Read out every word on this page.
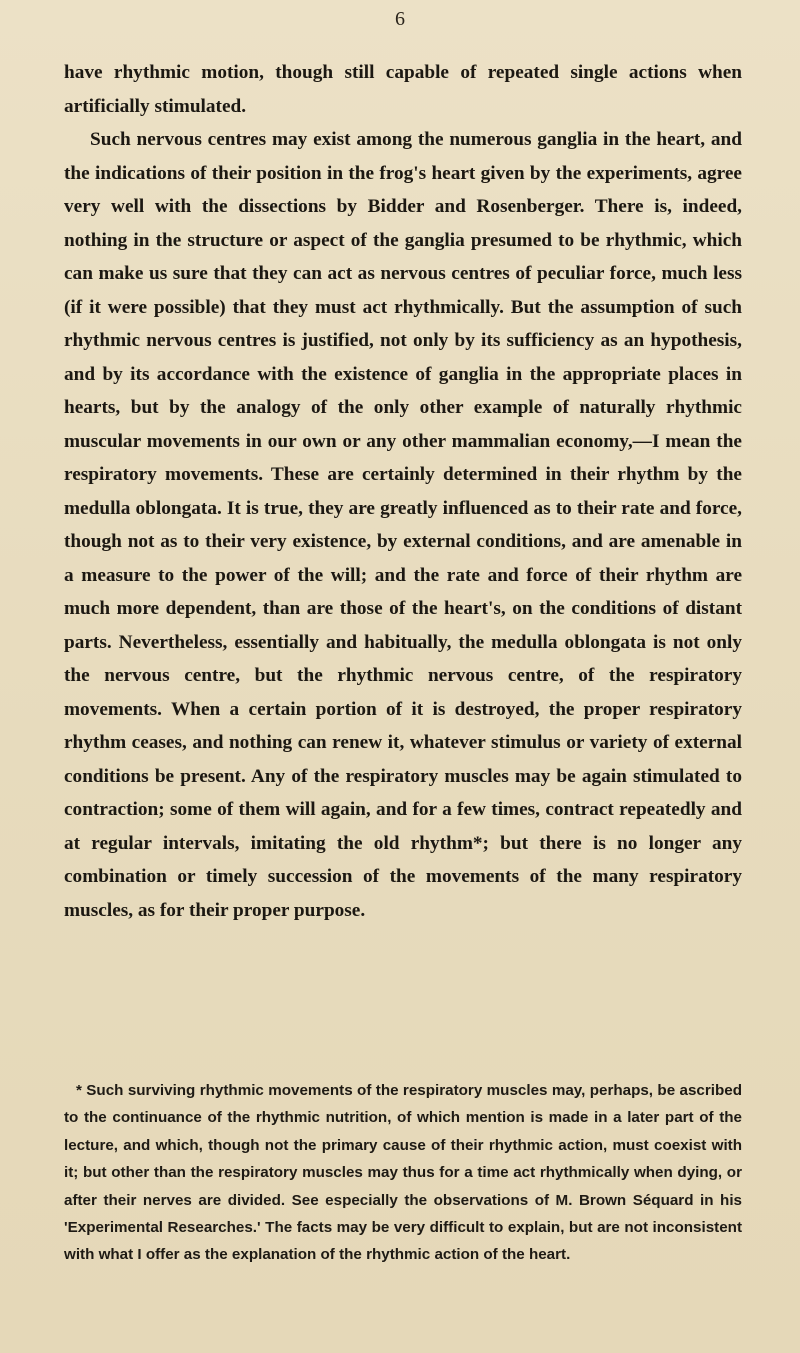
6

have rhythmic motion, though still capable of repeated single actions when artificially stimulated.

Such nervous centres may exist among the numerous ganglia in the heart, and the indications of their position in the frog's heart given by the experiments, agree very well with the dissections by Bidder and Rosenberger. There is, indeed, nothing in the structure or aspect of the ganglia presumed to be rhythmic, which can make us sure that they can act as nervous centres of peculiar force, much less (if it were possible) that they must act rhythmically. But the assumption of such rhythmic nervous centres is justified, not only by its sufficiency as an hypothesis, and by its accordance with the existence of ganglia in the appropriate places in hearts, but by the analogy of the only other example of naturally rhythmic muscular movements in our own or any other mammalian economy,—I mean the respiratory movements. These are certainly determined in their rhythm by the medulla oblongata. It is true, they are greatly influenced as to their rate and force, though not as to their very existence, by external conditions, and are amenable in a measure to the power of the will; and the rate and force of their rhythm are much more dependent, than are those of the heart's, on the conditions of distant parts. Nevertheless, essentially and habitually, the medulla oblongata is not only the nervous centre, but the rhythmic nervous centre, of the respiratory movements. When a certain portion of it is destroyed, the proper respiratory rhythm ceases, and nothing can renew it, whatever stimulus or variety of external conditions be present. Any of the respiratory muscles may be again stimulated to contraction; some of them will again, and for a few times, contract repeatedly and at regular intervals, imitating the old rhythm*; but there is no longer any combination or timely succession of the movements of the many respiratory muscles, as for their proper purpose.

* Such surviving rhythmic movements of the respiratory muscles may, perhaps, be ascribed to the continuance of the rhythmic nutrition, of which mention is made in a later part of the lecture, and which, though not the primary cause of their rhythmic action, must coexist with it; but other than the respiratory muscles may thus for a time act rhythmically when dying, or after their nerves are divided. See especially the observations of M. Brown Séquard in his 'Experimental Researches.' The facts may be very difficult to explain, but are not inconsistent with what I offer as the explanation of the rhythmic action of the heart.
